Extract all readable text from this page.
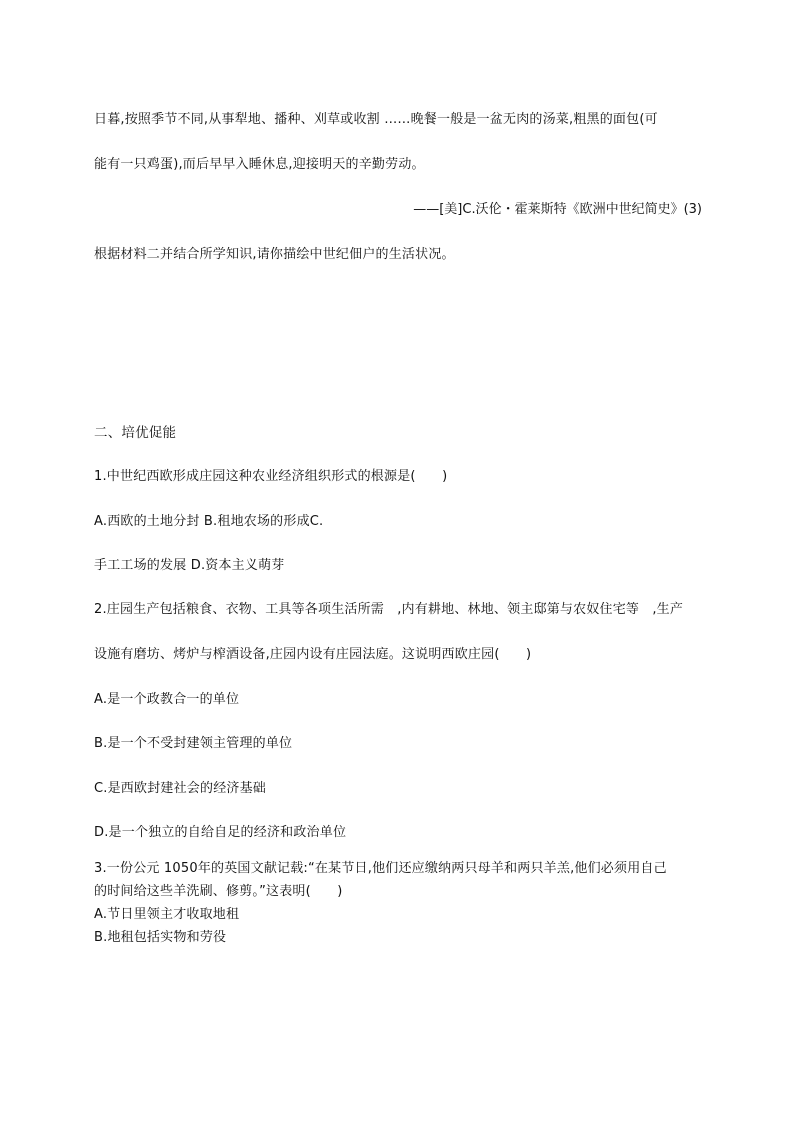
日暮,按照季节不同,从事犁地、播种、刈草或收割 ……晚餐一般是一盆无肉的汤菜,粗黑的面包(可
能有一只鸡蛋),而后早早入睡休息,迎接明天的辛勤劳动。
——[美]C.沃伦・霍莱斯特《欧洲中世纪简史》(3)
根据材料二并结合所学知识,请你描绘中世纪佃户的生活状况。
二、培优促能
1.中世纪西欧形成庄园这种农业经济组织形式的根源是(　　)
A.西欧的土地分封 B.租地农场的形成C.
手工工场的发展 D.资本主义萌芽
2.庄园生产包括粮食、衣物、工具等各项生活所需　,内有耕地、林地、领主邸第与农奴住宅等　,生产
设施有磨坊、烤炉与榨酒设备,庄园内设有庄园法庭。这说明西欧庄园(　　)
A.是一个政教合一的单位
B.是一个不受封建领主管理的单位
C.是西欧封建社会的经济基础
D.是一个独立的自给自足的经济和政治单位
3.一份公元 1050年的英国文献记载:“在某节日,他们还应缴纳两只母羊和两只羊羔,他们必须用自己
的时间给这些羊洗刷、修剪。”这表明(　　)
A.节日里领主才收取地租
B.地租包括实物和劳役
